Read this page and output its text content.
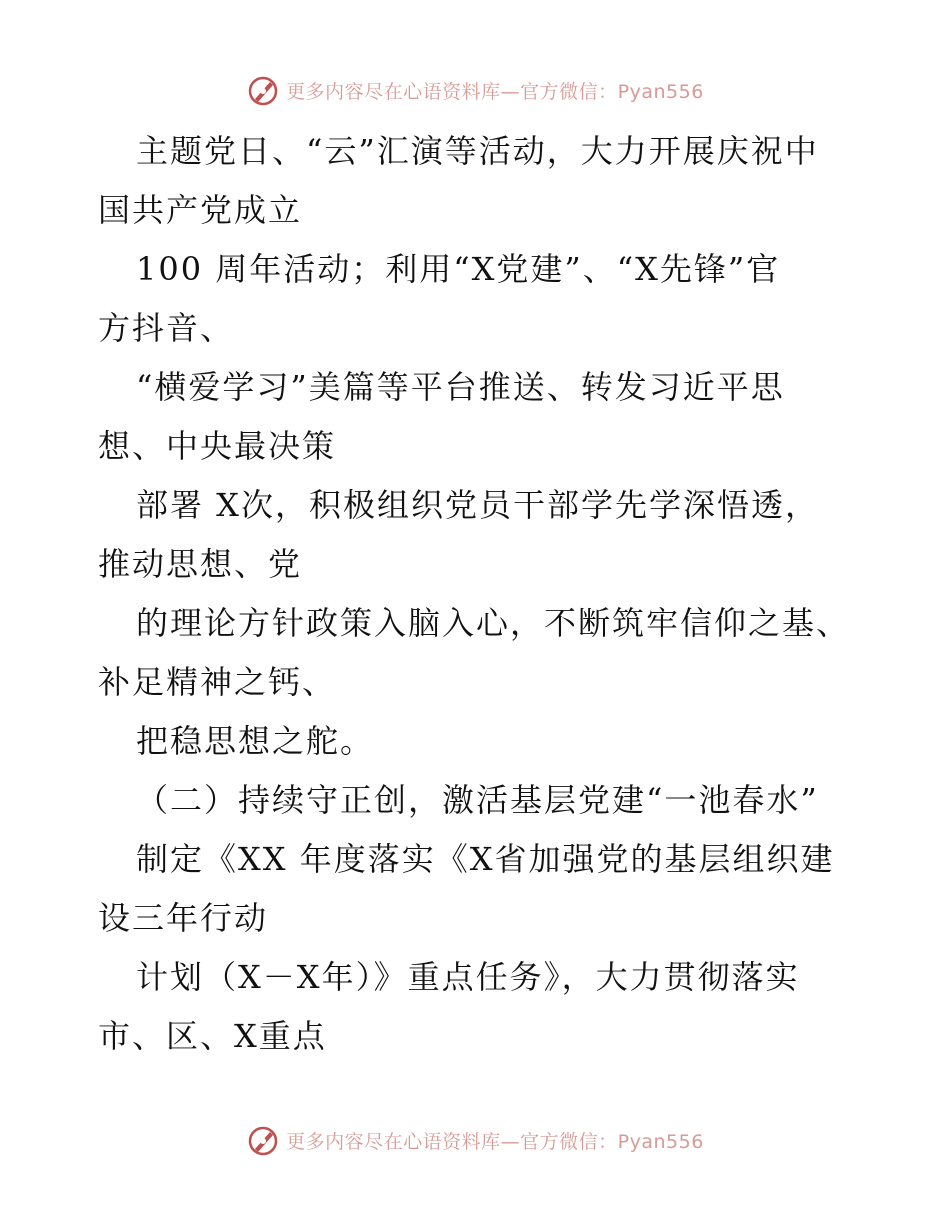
更多内容尽在心语资料库—官方微信：Pyan556
主题党日、“云”汇演等活动，大力开展庆祝中
国共产党成立
100 周年活动；利用“X党建”、“X先锋”官
方抖音、
“横爱学习”美篇等平台推送、转发习近平思
想、中央最决策
部署 X次，积极组织党员干部学先学深悟透，
推动思想、党
的理论方针政策入脑入心，不断筑牢信仰之基、
补足精神之钙、
把稳思想之舵。
（二）持续守正创，激活基层党建“一池春水”
制定《XX 年度落实《X省加强党的基层组织建
设三年行动
计划（X－X年）》重点任务》，大力贯彻落实
市、区、X重点
更多内容尽在心语资料库—官方微信：Pyan556
